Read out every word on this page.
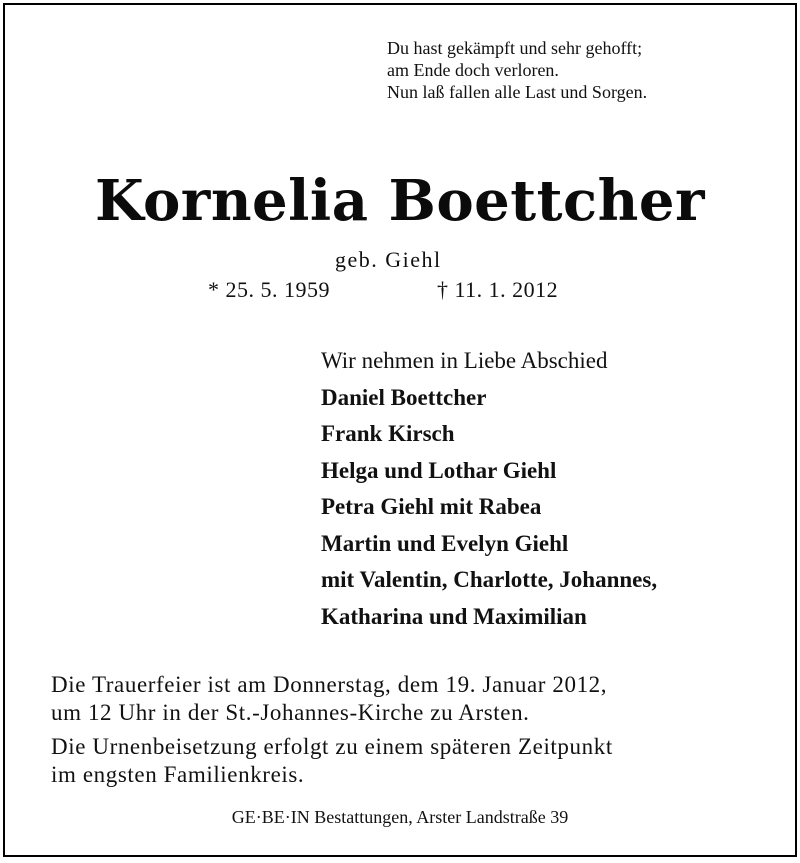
Du hast gekämpft und sehr gehofft;
am Ende doch verloren.
Nun laß fallen alle Last und Sorgen.
Kornelia Boettcher
geb. Giehl
* 25. 5. 1959	† 11. 1. 2012
Wir nehmen in Liebe Abschied
Daniel Boettcher
Frank Kirsch
Helga und Lothar Giehl
Petra Giehl mit Rabea
Martin und Evelyn Giehl
mit Valentin, Charlotte, Johannes,
Katharina und Maximilian
Die Trauerfeier ist am Donnerstag, dem 19. Januar 2012,
um 12 Uhr in der St.-Johannes-Kirche zu Arsten.
Die Urnenbeisetzung erfolgt zu einem späteren Zeitpunkt
im engsten Familienkreis.
GE·BE·IN Bestattungen, Arster Landstraße 39
